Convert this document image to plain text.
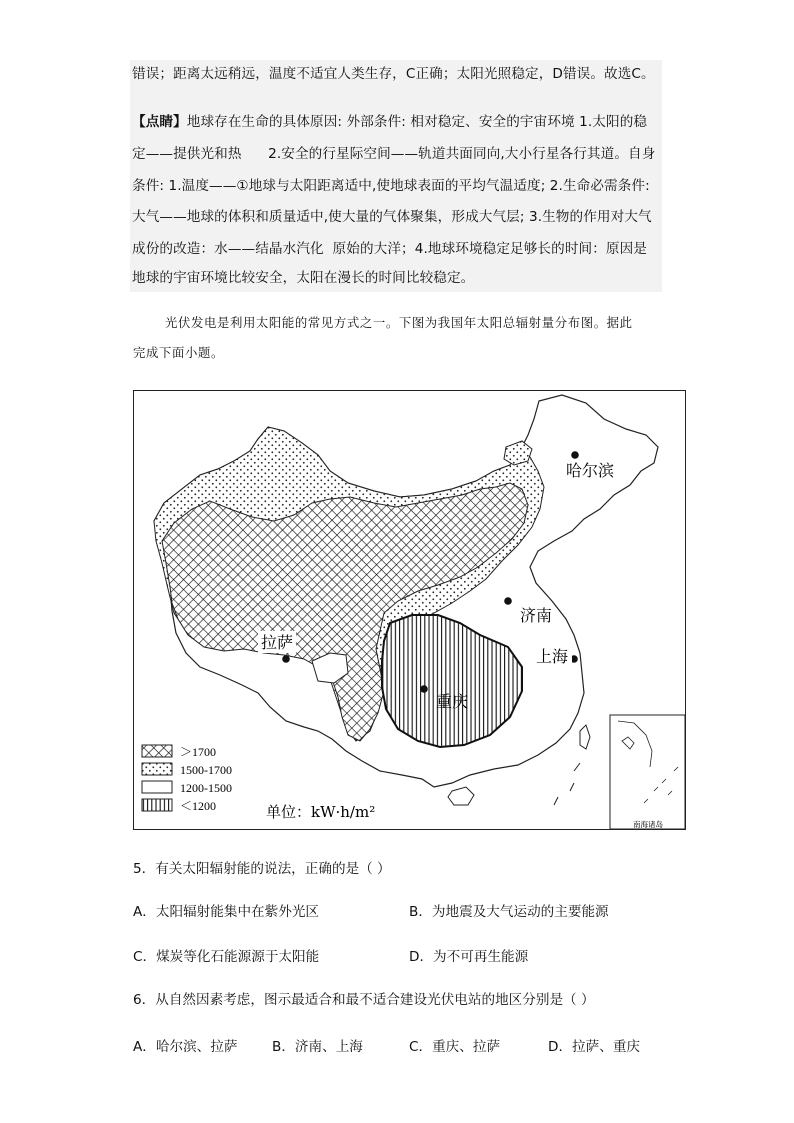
错误；距离太远稍远，温度不适宜人类生存，C正确；太阳光照稳定，D错误。故选C。
【点睛】地球存在生命的具体原因: 外部条件: 相对稳定、安全的宇宙环境 1.太阳的稳
定——提供光和热      2.安全的行星际空间——轨道共面同向,大小行星各行其道。自身
条件: 1.温度——①地球与太阳距离适中,使地球表面的平均气温适度; 2.生命必需条件:
大气——地球的体积和质量适中,使大量的气体聚集，形成大气层; 3.生物的作用对大气
成份的改造：水——结晶水汽化  原始的大洋；4.地球环境稳定足够长的时间：原因是
地球的宇宙环境比较安全，太阳在漫长的时间比较稳定。
光伏发电是利用太阳能的常见方式之一。下图为我国年太阳总辐射量分布图。据此
完成下面小题。
南海诸岛
哈尔滨
济南
拉萨
上海
重庆
＞1700
1500-1700
1200-1500
＜1200	单位：kW·h/m²
5．有关太阳辐射能的说法，正确的是（ ）
A．太阳辐射能集中在紫外光区	B．为地震及大气运动的主要能源
C．煤炭等化石能源源于太阳能	D．为不可再生能源
6．从自然因素考虑，图示最适合和最不适合建设光伏电站的地区分别是（ ）
A．哈尔滨、拉萨	B．济南、上海	C．重庆、拉萨	D．拉萨、重庆
